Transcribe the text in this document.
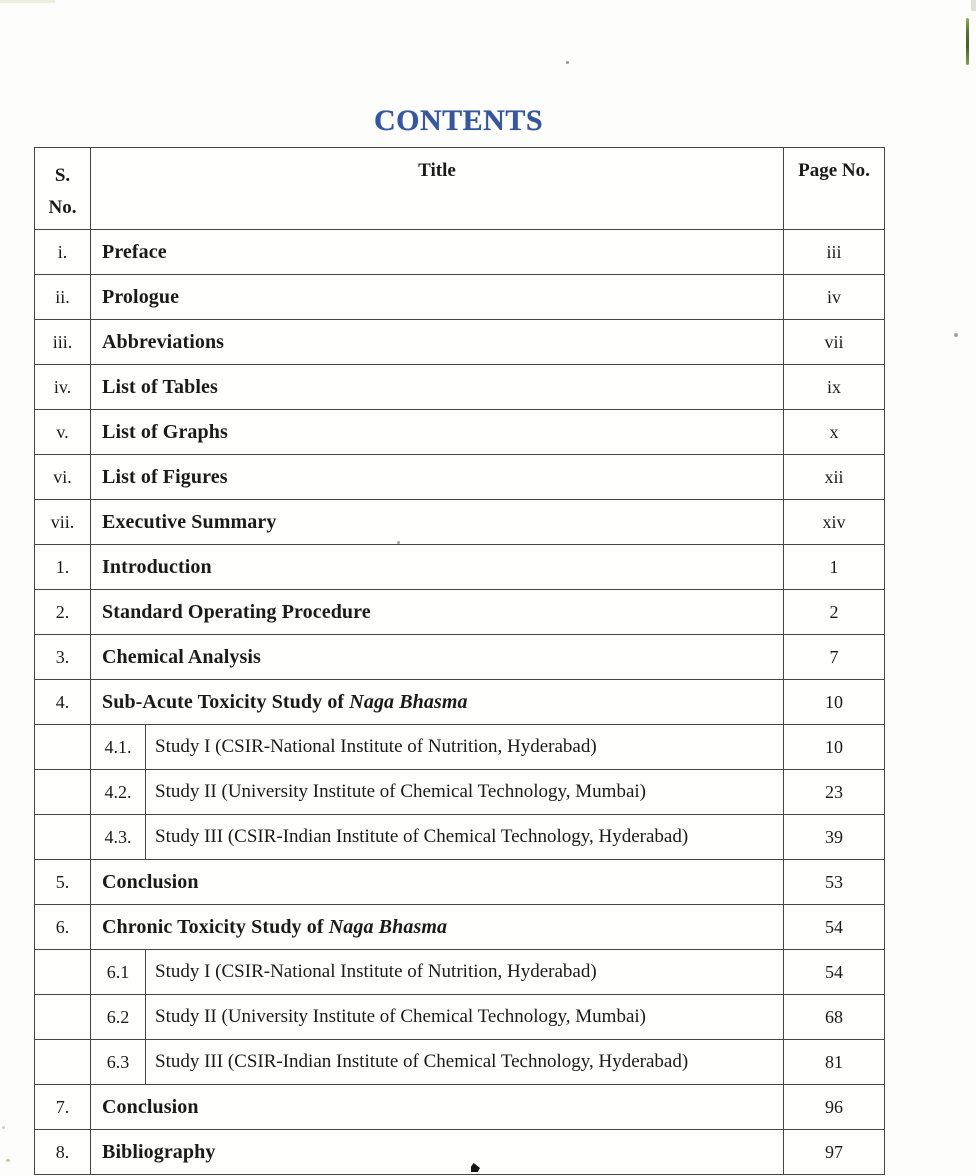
CONTENTS
S.
No.	Title		Page No.
i.	Preface		iii
ii.	Prologue		iv
iii.	Abbreviations		vii
iv.	List of Tables		ix
v.	List of Graphs		x
vi.	List of Figures		xii
vii.	Executive Summary		xiv
1.	Introduction		1
2.	Standard Operating Procedure		2
3.	Chemical Analysis		7
4.	Sub-Acute Toxicity Study of Naga Bhasma		10
	4.1.	Study I (CSIR-National Institute of Nutrition, Hyderabad)	10
	4.2.	Study II (University Institute of Chemical Technology, Mumbai)	23
	4.3.	Study III (CSIR-Indian Institute of Chemical Technology, Hyderabad)	39
5.	Conclusion		53
6.	Chronic Toxicity Study of Naga Bhasma		54
	6.1	Study I (CSIR-National Institute of Nutrition, Hyderabad)	54
	6.2	Study II (University Institute of Chemical Technology, Mumbai)	68
	6.3	Study III (CSIR-Indian Institute of Chemical Technology, Hyderabad)	81
7.	Conclusion		96
8.	Bibliography		97
